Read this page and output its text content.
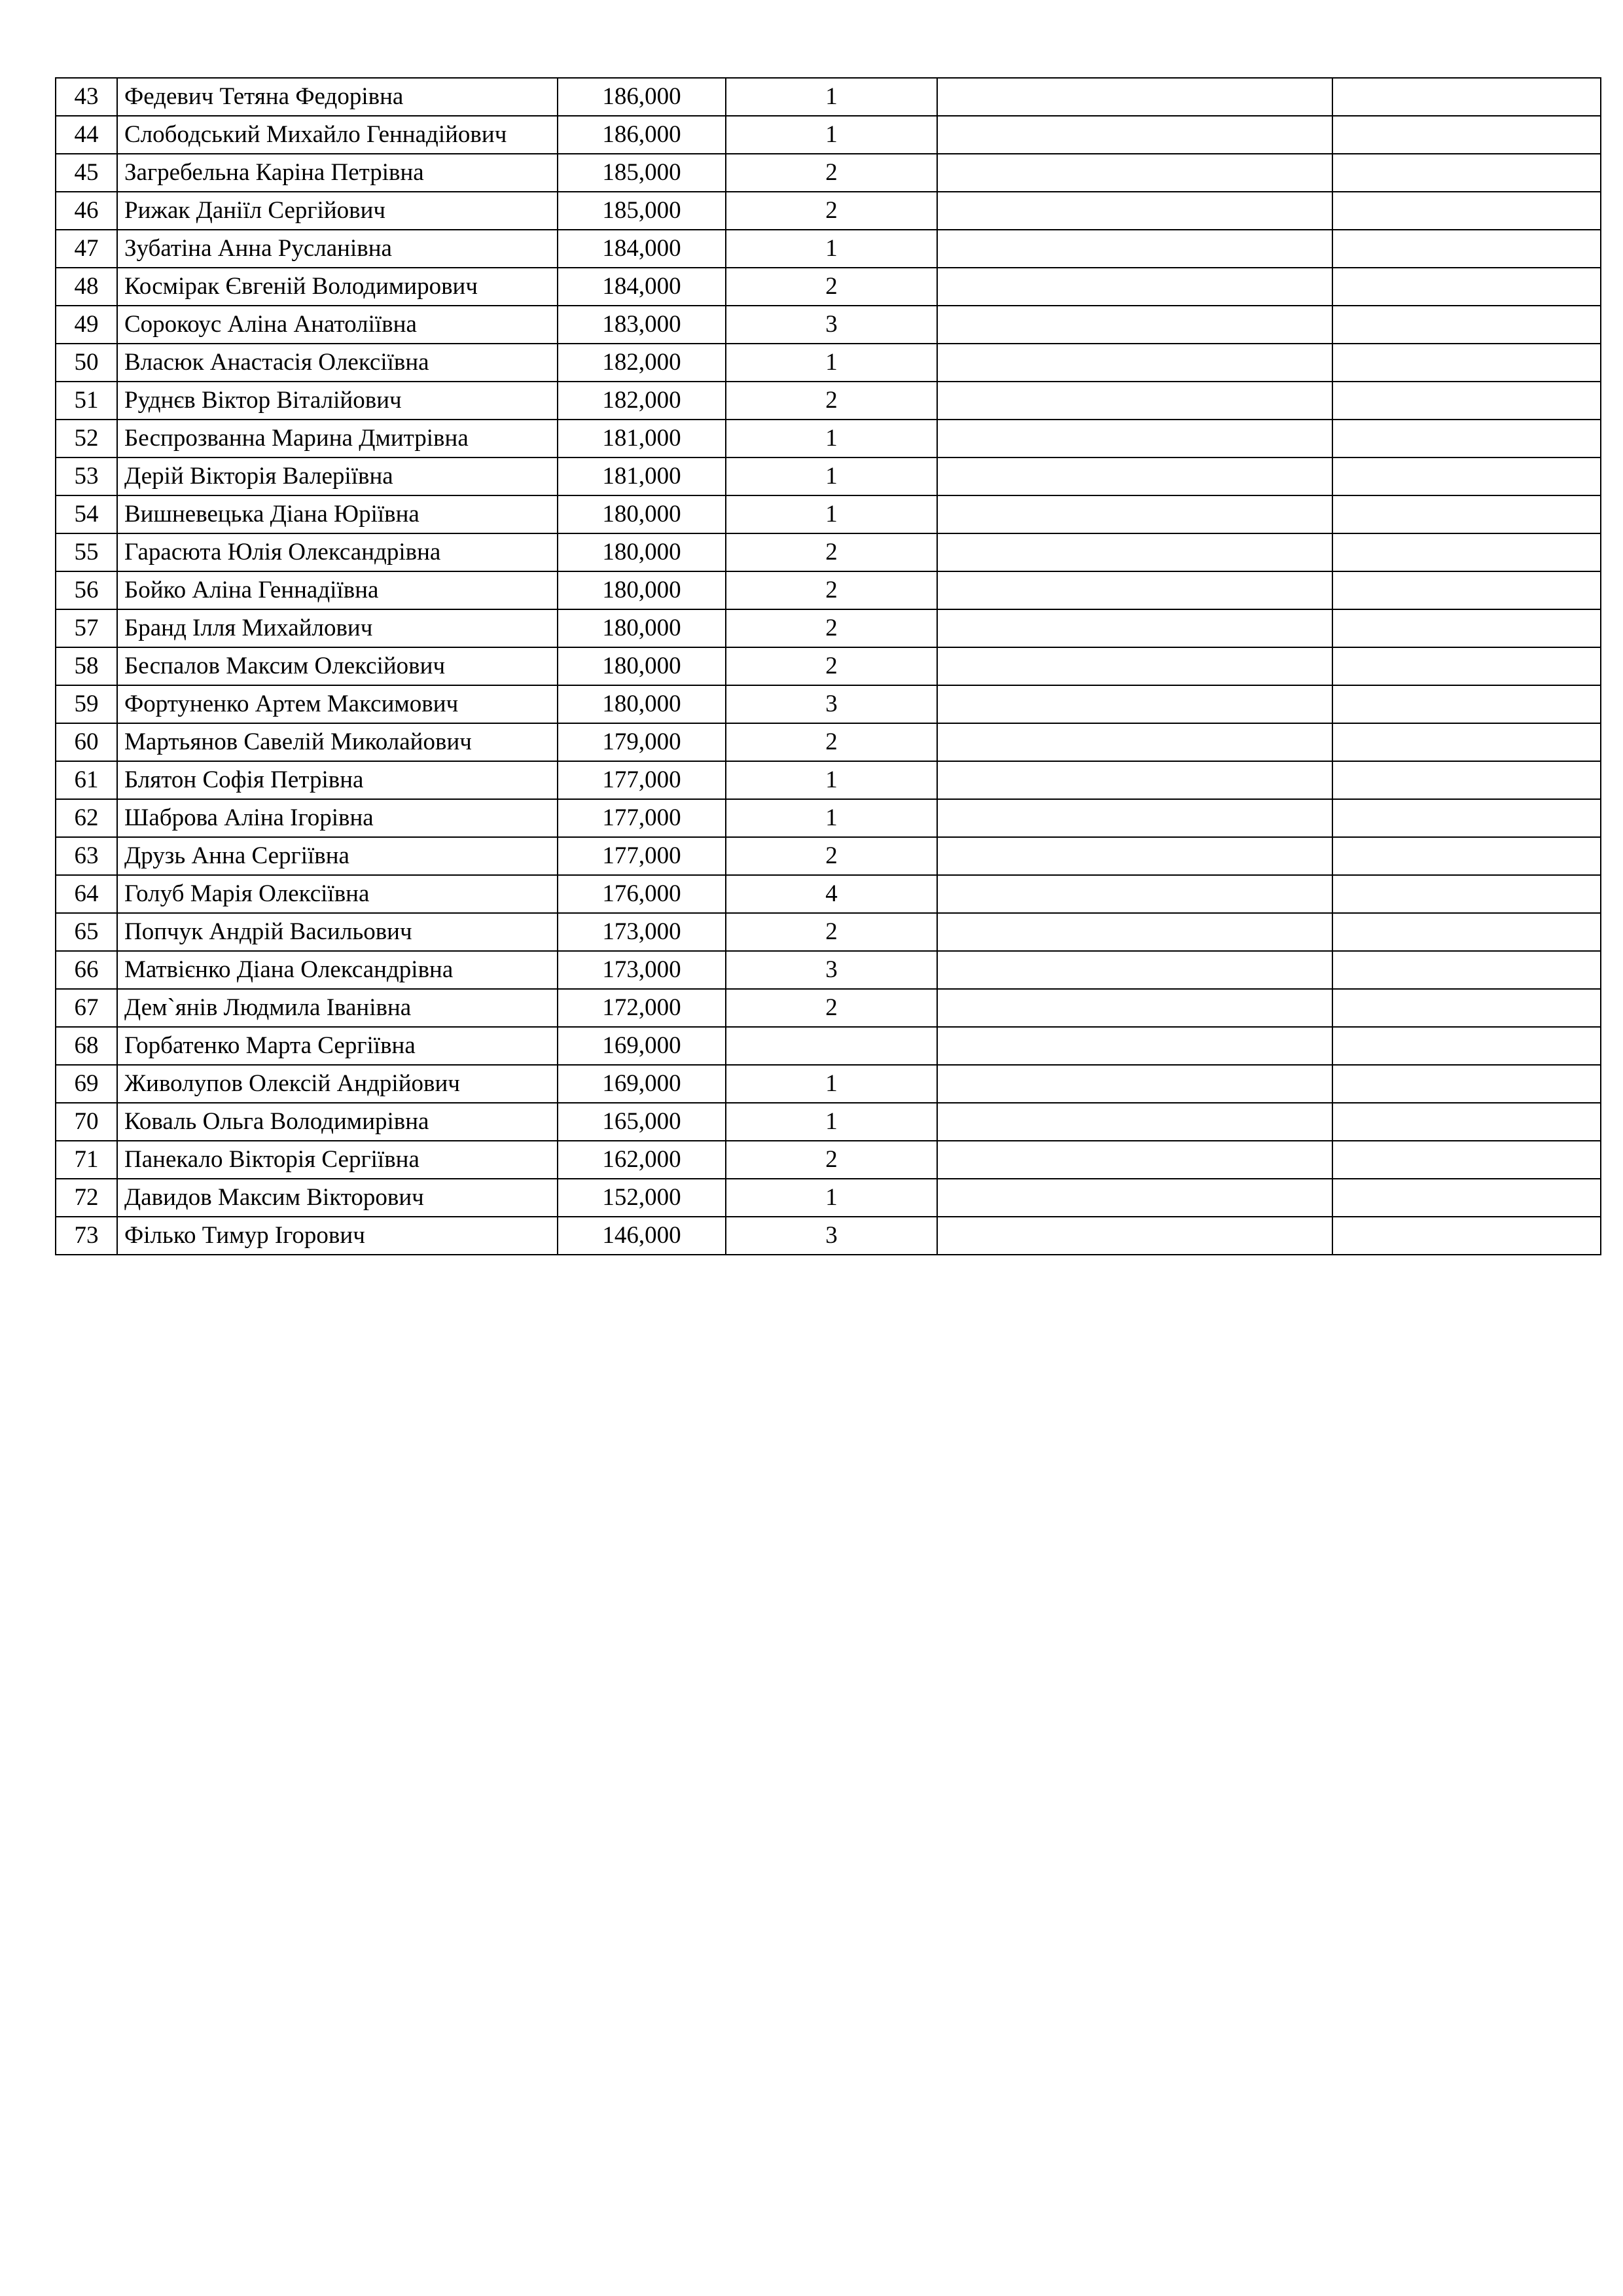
43	Федевич Тетяна Федорівна	186,000	1		
44	Слободський Михайло Геннадійович	186,000	1		
45	Загребельна Каріна Петрівна	185,000	2		
46	Рижак Даніїл Сергійович	185,000	2		
47	Зубатіна Анна Русланівна	184,000	1		
48	Космірак Євгеній Володимирович	184,000	2		
49	Сорокоус Аліна Анатоліївна	183,000	3		
50	Власюк Анастасія Олексіївна	182,000	1		
51	Руднєв Віктор Віталійович	182,000	2		
52	Беспрозванна Марина Дмитрівна	181,000	1		
53	Дерій Вікторія Валеріївна	181,000	1		
54	Вишневецька Діана Юріївна	180,000	1		
55	Гарасюта Юлія Олександрівна	180,000	2		
56	Бойко Аліна Геннадіївна	180,000	2		
57	Бранд Ілля Михайлович	180,000	2		
58	Беспалов Максим Олексійович	180,000	2		
59	Фортуненко Артем Максимович	180,000	3		
60	Мартьянов Савелій Миколайович	179,000	2		
61	Блятон Софія Петрівна	177,000	1		
62	Шаброва Аліна Ігорівна	177,000	1		
63	Друзь Анна Сергіївна	177,000	2		
64	Голуб Марія Олексіївна	176,000	4		
65	Попчук Андрій Васильович	173,000	2		
66	Матвієнко Діана Олександрівна	173,000	3		
67	Дем`янів Людмила Іванівна	172,000	2		
68	Горбатенко Марта Сергіївна	169,000			
69	Живолупов Олексій Андрійович	169,000	1		
70	Коваль Ольга Володимирівна	165,000	1		
71	Панекало Вікторія Сергіївна	162,000	2		
72	Давидов Максим Вікторович	152,000	1		
73	Філько Тимур Ігорович	146,000	3		
